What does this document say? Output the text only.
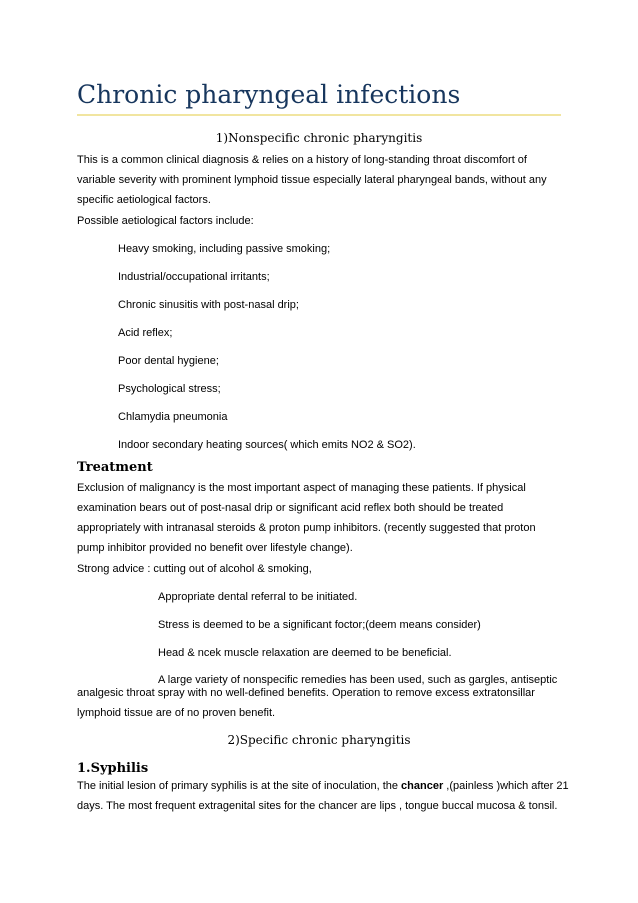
Chronic pharyngeal infections
1)Nonspecific chronic pharyngitis
This is a common clinical diagnosis & relies on a history of long-standing throat discomfort of
variable severity with prominent lymphoid tissue especially lateral pharyngeal bands, without any
specific aetiological factors.
Possible aetiological factors include:
Heavy smoking, including passive smoking;
Industrial/occupational irritants;
Chronic sinusitis with post-nasal drip;
Acid reflex;
Poor dental hygiene;
Psychological stress;
Chlamydia pneumonia
Indoor secondary heating sources( which emits NO2 & SO2).
Treatment
Exclusion of malignancy is the most important aspect of managing these patients. If physical
examination bears out of post-nasal drip or significant acid reflex both should be treated
appropriately with intranasal steroids & proton pump inhibitors. (recently suggested that proton
pump inhibitor provided no benefit over lifestyle change).
Strong advice : cutting out of alcohol & smoking,
Appropriate dental referral to be initiated.
Stress is deemed to be a significant foctor;(deem means consider)
Head & ncek muscle relaxation are deemed to be beneficial.
A large variety of nonspecific remedies has been used, such as gargles, antiseptic
analgesic throat spray with no well-defined benefits. Operation to remove excess extratonsillar
lymphoid tissue are of no proven benefit.
2)Specific chronic pharyngitis
1.Syphilis
The initial lesion of primary syphilis is at the site of inoculation, the chancer ,(painless )which after 21
days. The most frequent extragenital sites for the chancer are lips , tongue buccal mucosa & tonsil.
